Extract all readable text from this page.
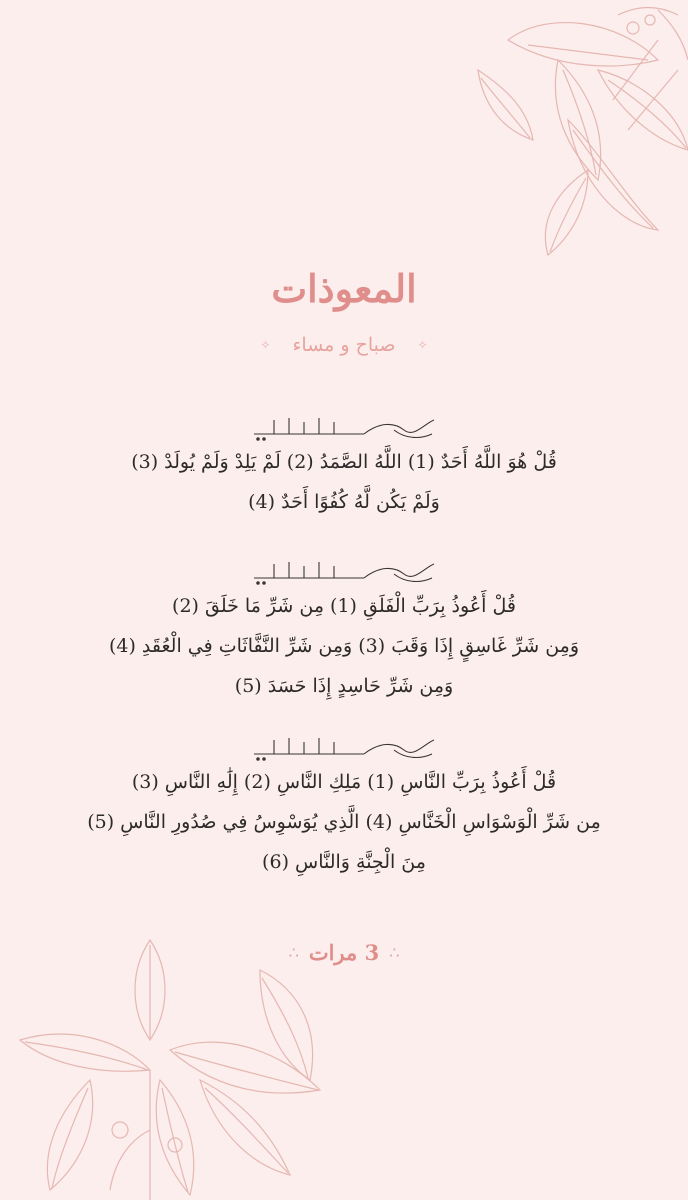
المعوذات
✧
صباح و مساء
✧

قُلْ هُوَ اللَّهُ أَحَدٌ (1) اللَّهُ الصَّمَدُ (2) لَمْ يَلِدْ وَلَمْ يُولَدْ (3)

وَلَمْ يَكُن لَّهُ كُفُوًا أَحَدٌ (4)

قُلْ أَعُوذُ بِرَبِّ الْفَلَقِ (1) مِن شَرِّ مَا خَلَقَ (2)

وَمِن شَرِّ غَاسِقٍ إِذَا وَقَبَ (3) وَمِن شَرِّ النَّفَّاثَاتِ فِي الْعُقَدِ (4)

وَمِن شَرِّ حَاسِدٍ إِذَا حَسَدَ (5)

قُلْ أَعُوذُ بِرَبِّ النَّاسِ (1) مَلِكِ النَّاسِ (2) إِلَٰهِ النَّاسِ (3)

مِن شَرِّ الْوَسْوَاسِ الْخَنَّاسِ (4) الَّذِي يُوَسْوِسُ فِي صُدُورِ النَّاسِ (5)

مِنَ الْجِنَّةِ وَالنَّاسِ (6)

∴
3 مرات
∴
